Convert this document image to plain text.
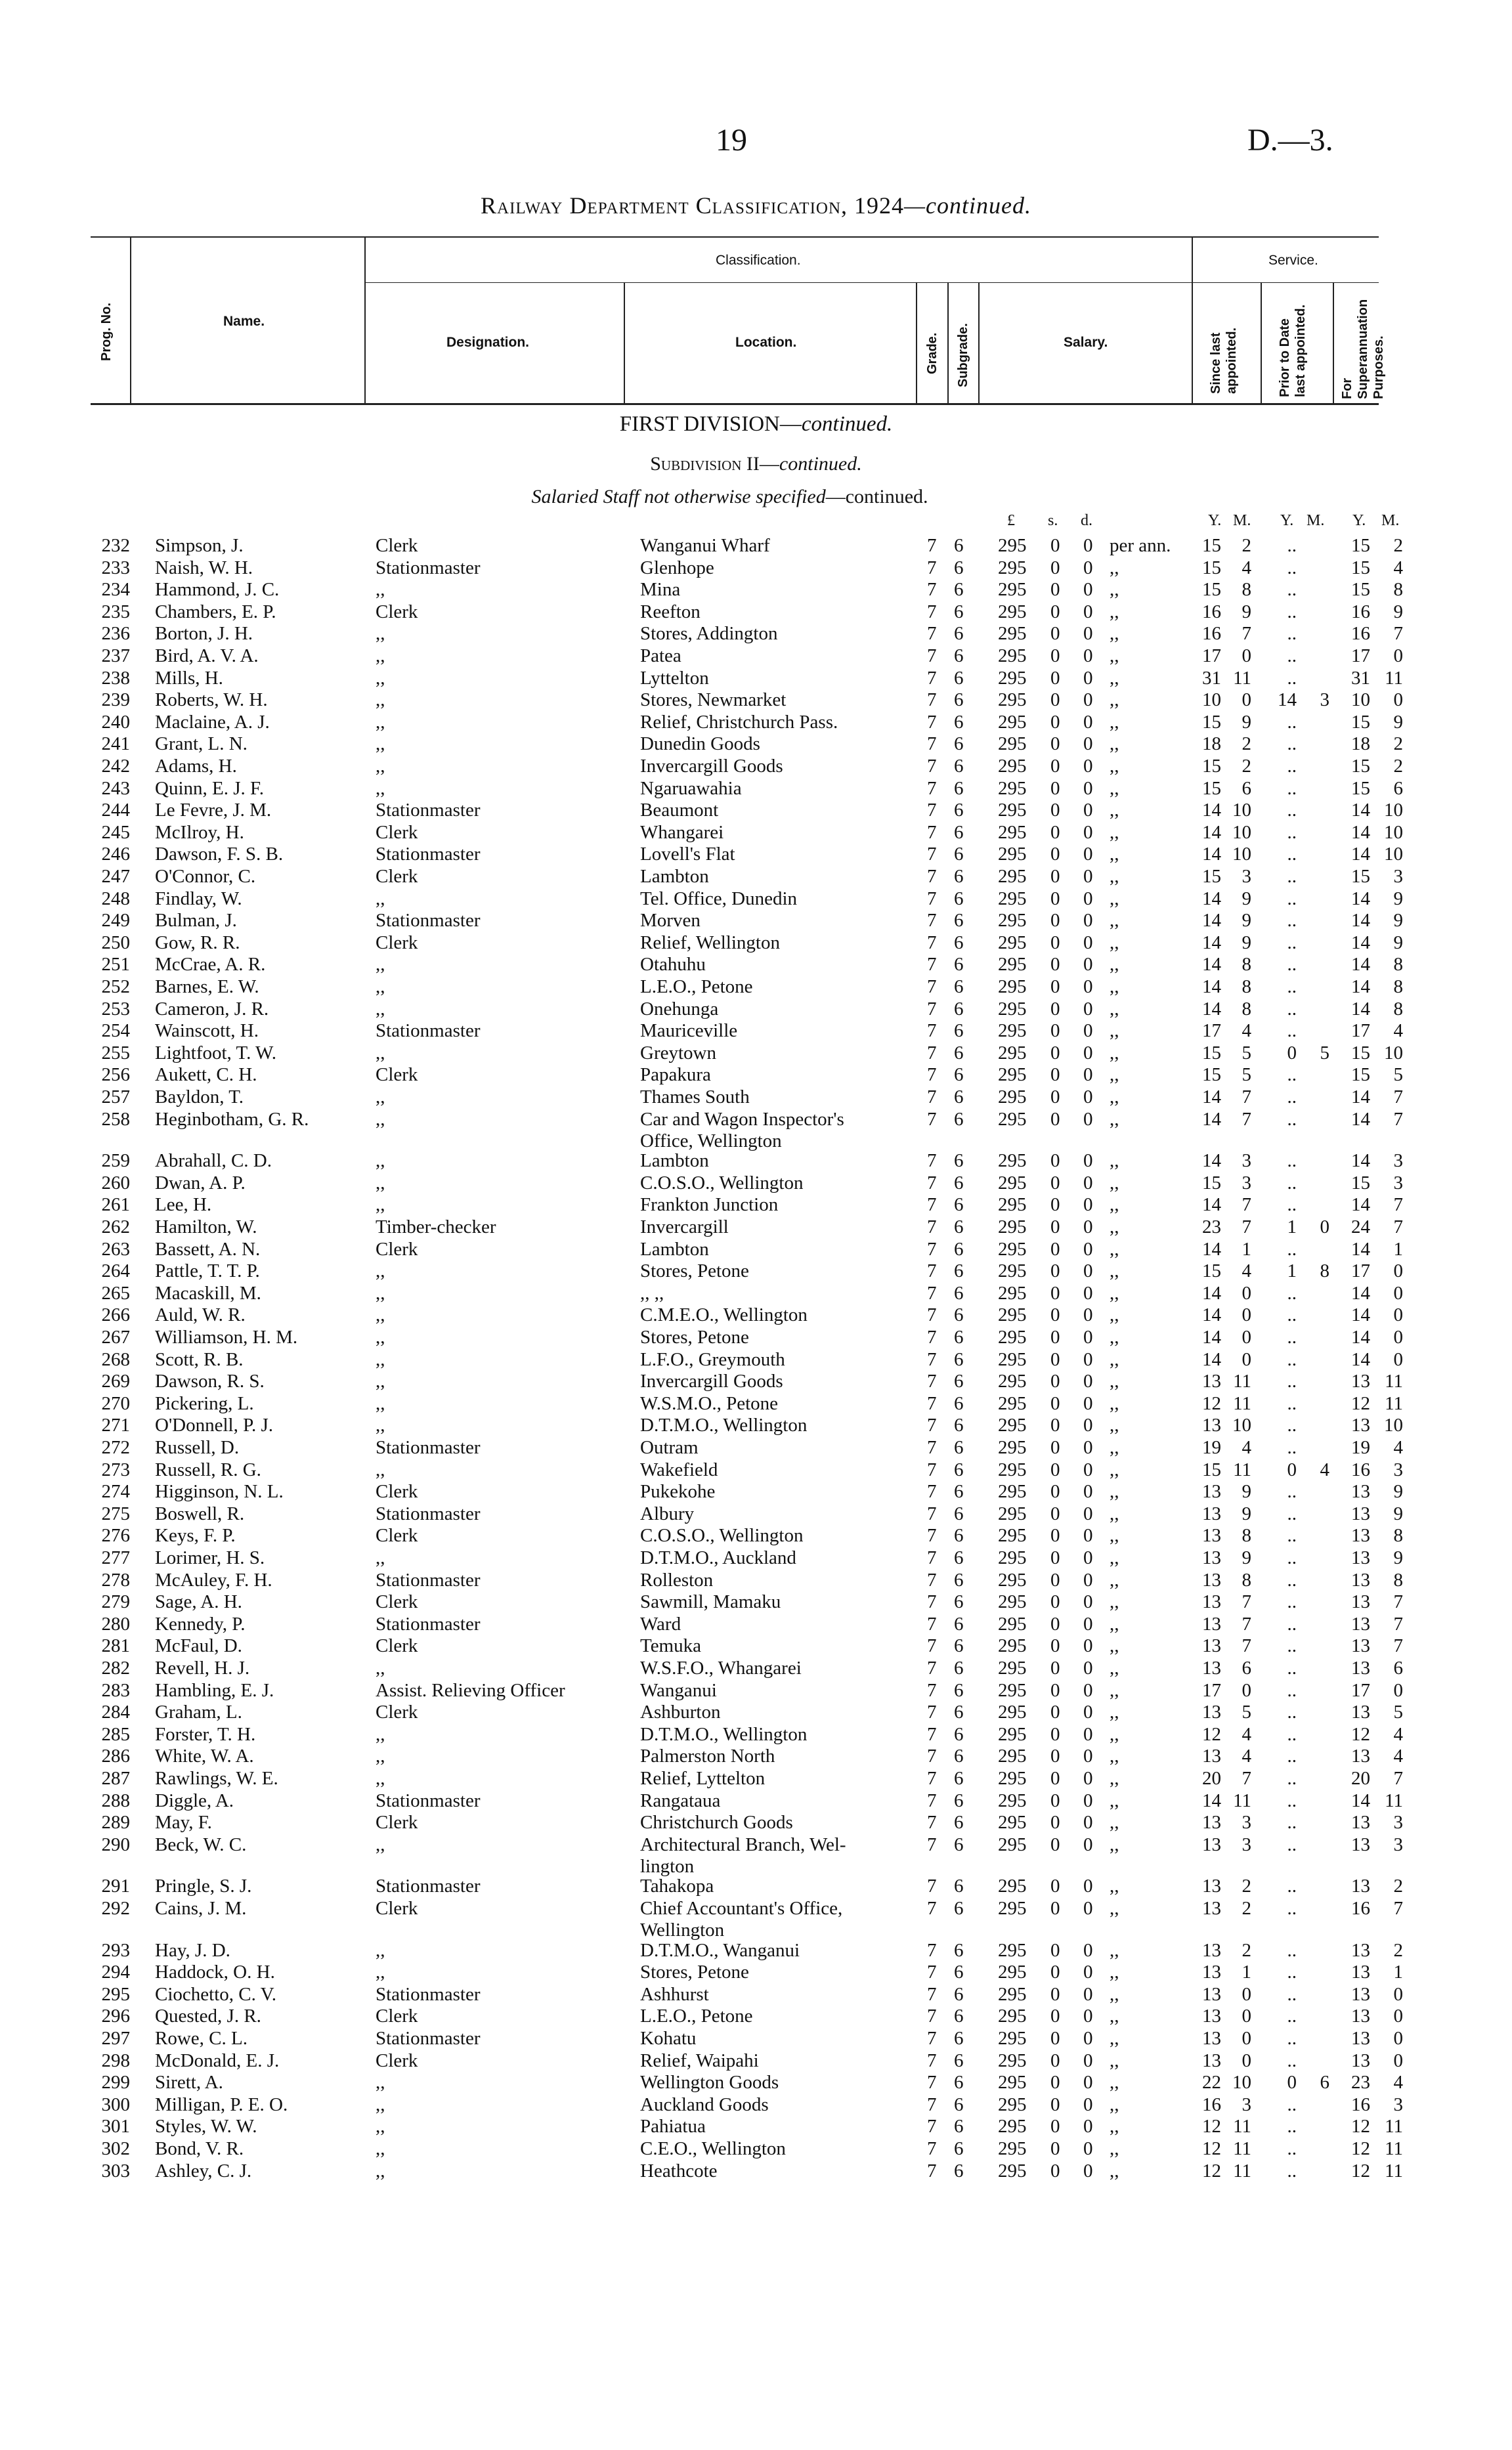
19	D.—3.
Railway Department Classification, 1924—continued.
Prog. No.	Name.
Classification.
Designation.	Location.	Grade. Subgrade.	Salary.
Service.
Since last appointed.	Prior to Date last appointed. For Superannuation Purposes.
FIRST DIVISION—continued.
Subdivision II—continued.
Salaried Staff not otherwise specified—continued.
£ s. d.	Y. M. Y. M. Y. M.
232 Simpson, J.	Clerk	Wanganui Wharf	7 6 295 0 0 per ann.	15	2	..	15	2
233 Naish, W. H.	Stationmaster	Glenhope	7 6 295 0 0 ,,	15	4	..	15	4
234 Hammond, J. C.	,,	Mina	7 6 295 0 0 ,,	15	8	..	15	8
235 Chambers, E. P.	Clerk	Reefton	7 6 295 0 0 ,,	16	9	..	16	9
236 Borton, J. H.	,,	Stores, Addington	7 6 295 0 0 ,,	16	7	..	16	7
237 Bird, A. V. A.	,,	Patea	7 6 295 0 0 ,,	17	0	..	17	0
238 Mills, H.	,,	Lyttelton	7 6 295 0 0 ,,	31 11	..	31 11
239 Roberts, W. H.	,,	Stores, Newmarket	7 6 295 0 0 ,,	10	0	14	3	10	0
240 Maclaine, A. J.	,,	Relief, Christchurch Pass.	7 6 295 0 0 ,,	15	9	..	15	9
241 Grant, L. N.	,,	Dunedin Goods	7 6 295 0 0 ,,	18	2	..	18	2
242 Adams, H.	,,	Invercargill Goods	7 6 295 0 0 ,,	15	2	..	15	2
243 Quinn, E. J. F.	,,	Ngaruawahia	7 6 295 0 0 ,,	15	6	..	15	6
244 Le Fevre, J. M.	Stationmaster	Beaumont	7 6 295 0 0 ,,	14 10	..	14 10
245 McIlroy, H.	Clerk	Whangarei	7 6 295 0 0 ,,	14 10	..	14 10
246 Dawson, F. S. B.	Stationmaster	Lovell's Flat	7 6 295 0 0 ,,	14 10	..	14 10
247 O'Connor, C.	Clerk	Lambton	7 6 295 0 0 ,,	15	3	..	15	3
248 Findlay, W.	,,	Tel. Office, Dunedin	7 6 295 0 0 ,,	14	9	..	14	9
249 Bulman, J.	Stationmaster	Morven	7 6 295 0 0 ,,	14	9	..	14	9
250 Gow, R. R.	Clerk	Relief, Wellington	7 6 295 0 0 ,,	14	9	..	14	9
251 McCrae, A. R.	,,	Otahuhu	7 6 295 0 0 ,,	14	8	..	14	8
252 Barnes, E. W.	,,	L.E.O., Petone	7 6 295 0 0 ,,	14	8	..	14	8
253 Cameron, J. R.	,,	Onehunga	7 6 295 0 0 ,,	14	8	..	14	8
254 Wainscott, H.	Stationmaster	Mauriceville	7 6 295 0 0 ,,	17	4	..	17	4
255 Lightfoot, T. W.	,,	Greytown	7 6 295 0 0 ,,	15	5	0	5	15 10
256 Aukett, C. H.	Clerk	Papakura	7 6 295 0 0 ,,	15	5	..	15	5
257 Bayldon, T.	,,	Thames South	7 6 295 0 0 ,,	14	7	..	14	7
258 Heginbotham, G. R.	,,	Car and Wagon Inspector's	7 6 295 0 0 ,,	14	7	..	14	7
Office, Wellington
259 Abrahall, C. D.	,,	Lambton	7 6 295 0 0 ,,	14	3	..	14	3
260 Dwan, A. P.	,,	C.O.S.O., Wellington	7 6 295 0 0 ,,	15	3	..	15	3
261 Lee, H.	,,	Frankton Junction	7 6 295 0 0 ,,	14	7	..	14	7
262 Hamilton, W.	Timber-checker	Invercargill	7 6 295 0 0 ,,	23	7	1	0	24	7
263 Bassett, A. N.	Clerk	Lambton	7 6 295 0 0 ,,	14	1	..	14	1
264 Pattle, T. T. P.	,,	Stores, Petone	7 6 295 0 0 ,,	15	4	1	8	17	0
265 Macaskill, M.	,,	,, ,,	7 6 295 0 0 ,,	14	0	..	14	0
266 Auld, W. R.	,,	C.M.E.O., Wellington	7 6 295 0 0 ,,	14	0	..	14	0
267 Williamson, H. M.	,,	Stores, Petone	7 6 295 0 0 ,,	14	0	..	14	0
268 Scott, R. B.	,,	L.F.O., Greymouth	7 6 295 0 0 ,,	14	0	..	14	0
269 Dawson, R. S.	,,	Invercargill Goods	7 6 295 0 0 ,,	13 11	..	13 11
270 Pickering, L.	,,	W.S.M.O., Petone	7 6 295 0 0 ,,	12 11	..	12 11
271 O'Donnell, P. J.	,,	D.T.M.O., Wellington	7 6 295 0 0 ,,	13 10	..	13 10
272 Russell, D.	Stationmaster	Outram	7 6 295 0 0 ,,	19	4	..	19	4
273 Russell, R. G.	,,	Wakefield	7 6 295 0 0 ,,	15 11	0	4	16	3
274 Higginson, N. L.	Clerk	Pukekohe	7 6 295 0 0 ,,	13	9	..	13	9
275 Boswell, R.	Stationmaster	Albury	7 6 295 0 0 ,,	13	9	..	13	9
276 Keys, F. P.	Clerk	C.O.S.O., Wellington	7 6 295 0 0 ,,	13	8	..	13	8
277 Lorimer, H. S.	,,	D.T.M.O., Auckland	7 6 295 0 0 ,,	13	9	..	13	9
278 McAuley, F. H.	Stationmaster	Rolleston	7 6 295 0 0 ,,	13	8	..	13	8
279 Sage, A. H.	Clerk	Sawmill, Mamaku	7 6 295 0 0 ,,	13	7	..	13	7
280 Kennedy, P.	Stationmaster	Ward	7 6 295 0 0 ,,	13	7	..	13	7
281 McFaul, D.	Clerk	Temuka	7 6 295 0 0 ,,	13	7	..	13	7
282 Revell, H. J.	,,	W.S.F.O., Whangarei	7 6 295 0 0 ,,	13	6	..	13	6
283 Hambling, E. J.	Assist. Relieving Officer	Wanganui	7 6 295 0 0 ,,	17	0	..	17	0
284 Graham, L.	Clerk	Ashburton	7 6 295 0 0 ,,	13	5	..	13	5
285 Forster, T. H.	,,	D.T.M.O., Wellington	7 6 295 0 0 ,,	12	4	..	12	4
286 White, W. A.	,,	Palmerston North	7 6 295 0 0 ,,	13	4	..	13	4
287 Rawlings, W. E.	,,	Relief, Lyttelton	7 6 295 0 0 ,,	20	7	..	20	7
288 Diggle, A.	Stationmaster	Rangataua	7 6 295 0 0 ,,	14 11	..	14 11
289 May, F.	Clerk	Christchurch Goods	7 6 295 0 0 ,,	13	3	..	13	3
290 Beck, W. C.	,,	Architectural Branch, Wel-	7 6 295 0 0 ,,	13	3	..	13	3
lington
291 Pringle, S. J.	Stationmaster	Tahakopa	7 6 295 0 0 ,,	13	2	..	13	2
292 Cains, J. M.	Clerk	Chief Accountant's Office,	7 6 295 0 0 ,,	13	2	..	16	7
Wellington
293 Hay, J. D.	,,	D.T.M.O., Wanganui	7 6 295 0 0 ,,	13	2	..	13	2
294 Haddock, O. H.	,,	Stores, Petone	7 6 295 0 0 ,,	13	1	..	13	1
295 Ciochetto, C. V.	Stationmaster	Ashhurst	7 6 295 0 0 ,,	13	0	..	13	0
296 Quested, J. R.	Clerk	L.E.O., Petone	7 6 295 0 0 ,,	13	0	..	13	0
297 Rowe, C. L.	Stationmaster	Kohatu	7 6 295 0 0 ,,	13	0	..	13	0
298 McDonald, E. J.	Clerk	Relief, Waipahi	7 6 295 0 0 ,,	13	0	..	13	0
299 Sirett, A.	,,	Wellington Goods	7 6 295 0 0 ,,	22 10	0	6	23	4
300 Milligan, P. E. O.	,,	Auckland Goods	7 6 295 0 0 ,,	16	3	..	16	3
301 Styles, W. W.	,,	Pahiatua	7 6 295 0 0 ,,	12 11	..	12 11
302 Bond, V. R.	,,	C.E.O., Wellington	7 6 295 0 0 ,,	12 11	..	12 11
303 Ashley, C. J.	,,	Heathcote	7 6 295 0 0 ,,	12 11	..	12 11
